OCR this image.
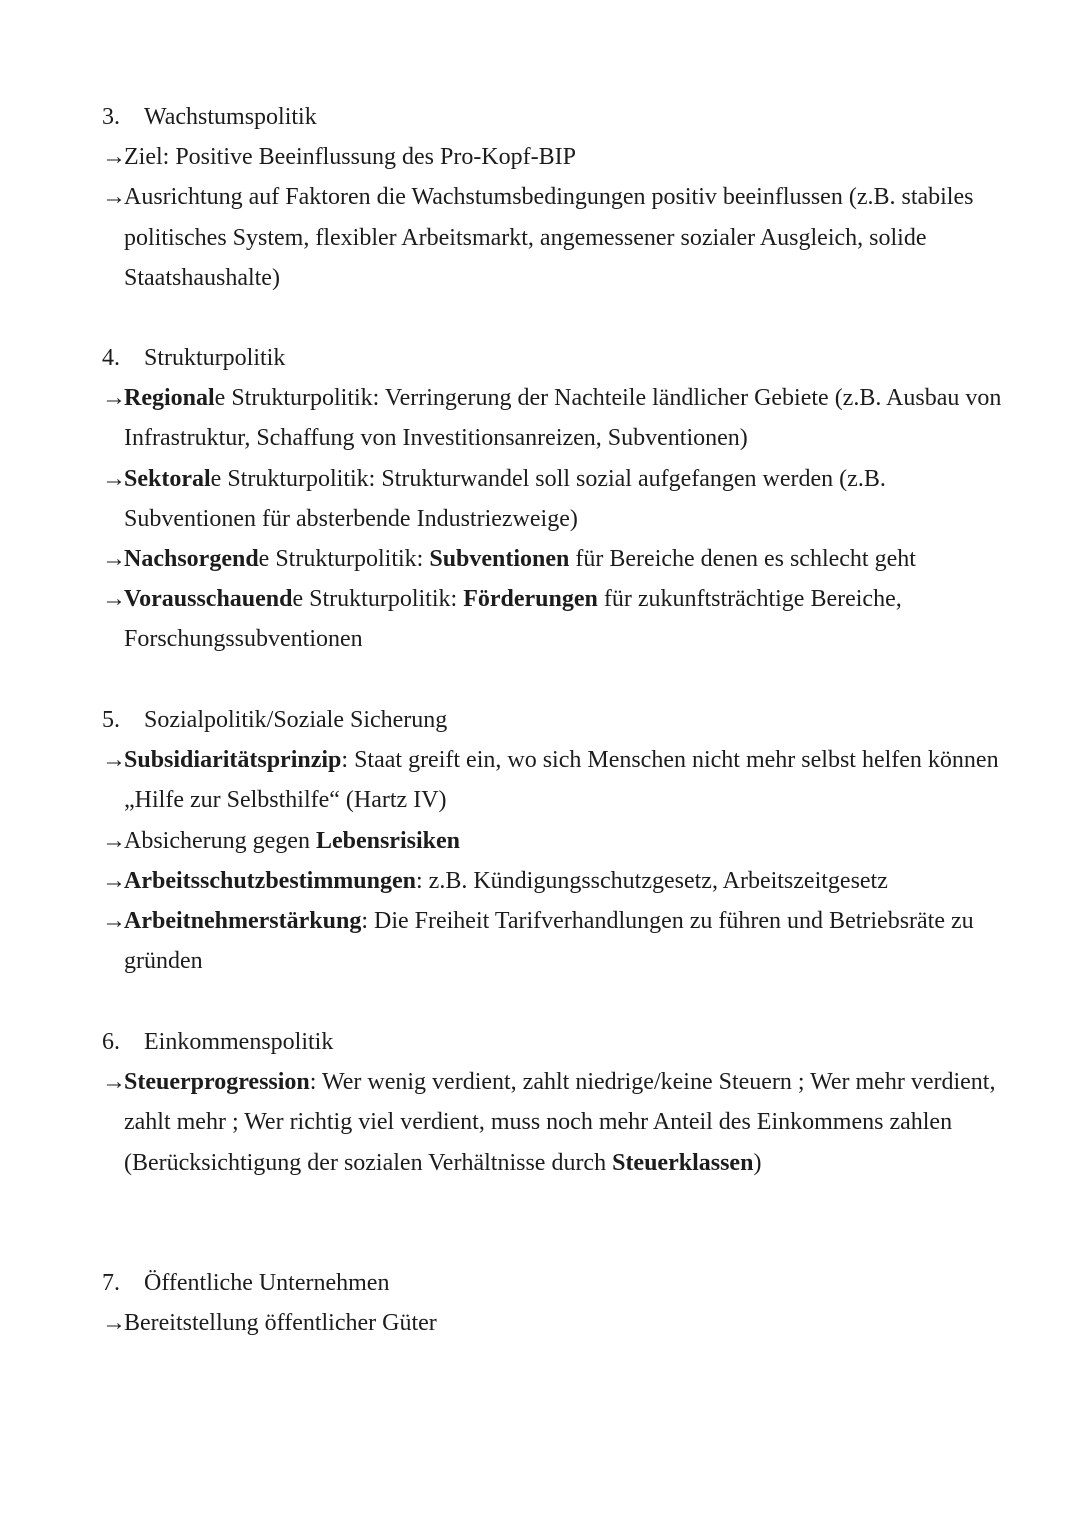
3. Wachstumspolitik
→
Ziel: Positive Beeinflussung des Pro-Kopf-BIP
→
Ausrichtung auf Faktoren die Wachstumsbedingungen positiv beeinflussen (z.B. stabiles politisches System, flexibler Arbeitsmarkt, angemessener sozialer Ausgleich, solide Staatshaushalte)
4. Strukturpolitik
→
Regionale Strukturpolitik: Verringerung der Nachteile ländlicher Gebiete (z.B. Ausbau von Infrastruktur, Schaffung von Investitionsanreizen, Subventionen)
→
Sektorale Strukturpolitik: Strukturwandel soll sozial aufgefangen werden (z.B. Subventionen für absterbende Industriezweige)
→
Nachsorgende Strukturpolitik: Subventionen für Bereiche denen es schlecht geht
→
Vorausschauende Strukturpolitik: Förderungen für zukunftsträchtige Bereiche, Forschungssubventionen
5. Sozialpolitik/Soziale Sicherung
→
Subsidiaritätsprinzip: Staat greift ein, wo sich Menschen nicht mehr selbst helfen können „Hilfe zur Selbsthilfe“ (Hartz IV)
→
Absicherung gegen Lebensrisiken
→
Arbeitsschutzbestimmungen: z.B. Kündigungsschutzgesetz, Arbeitszeitgesetz
→
Arbeitnehmerstärkung: Die Freiheit Tarifverhandlungen zu führen und Betriebsräte zu gründen
6. Einkommenspolitik
→
Steuerprogression: Wer wenig verdient, zahlt niedrige/keine Steuern ; Wer mehr verdient, zahlt mehr ; Wer richtig viel verdient, muss noch mehr Anteil des Einkommens zahlen (Berücksichtigung der sozialen Verhältnisse durch Steuerklassen)
7. Öffentliche Unternehmen
→
Bereitstellung öffentlicher Güter
